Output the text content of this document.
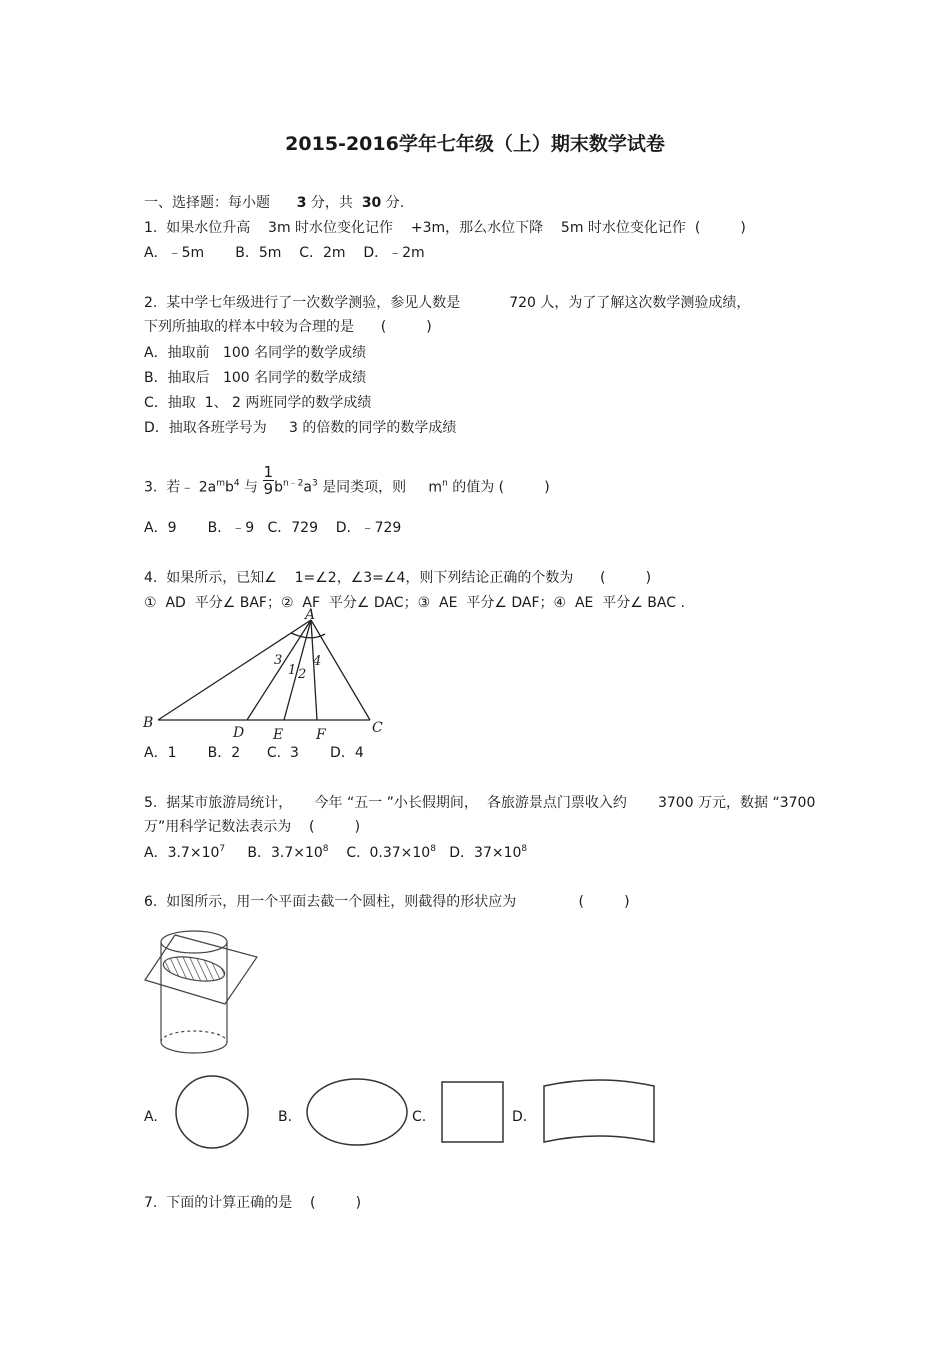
2015-2016学年七年级（上）期末数学试卷
一、选择题：每小题 3 分，共 30 分.
1.  如果水位升高    3m 时水位变化记作    +3m，那么水位下降    5m 时水位变化记作  (         )
A．﹣5m       B．5m    C．2m    D．﹣2m
2.  某中学七年级进行了一次数学测验，参见人数是           720 人，为了了解这次数学测验成绩，
下列所抽取的样本中较为合理的是      (         )
A．抽取前   100 名同学的数学成绩
B．抽取后   100 名同学的数学成绩
C．抽取  1、 2 两班同学的数学成绩
D．抽取各班学号为     3 的倍数的同学的数学成绩
3.  若﹣ $2a^mb^4$ 与 $\frac{1}{9} b^{n﹣2}a^3$ 是同类项，则     $m^n$ 的值为 (         )
A．9       B．﹣9   C．729    D．﹣729
4.  如果所示，已知∠    1=∠2，∠3=∠4，则下列结论正确的个数为      (         )
①  AD  平分∠ BAF；②  AF  平分∠ DAC；③  AE  平分∠ DAF；④  AE  平分∠ BAC .
A
B
D E F	C
3
1 2
4
A．1       B．2      C.  3       D．4
5.  据某市旅游局统计，     今年 “五一 ”小长假期间，  各旅游景点门票收入约       3700 万元，数据 “3700
万”用科学记数法表示为    (         )
A．$3.7\times 10^7$     B．$3.7\times 10^8$    C.  $0.37\times 10^8$   D．$37\times 10^8$
6.  如图所示，用一个平面去截一个圆柱，则截得的形状应为              (         )
A.	B.	C.	D.
7.  下面的计算正确的是    (         )
